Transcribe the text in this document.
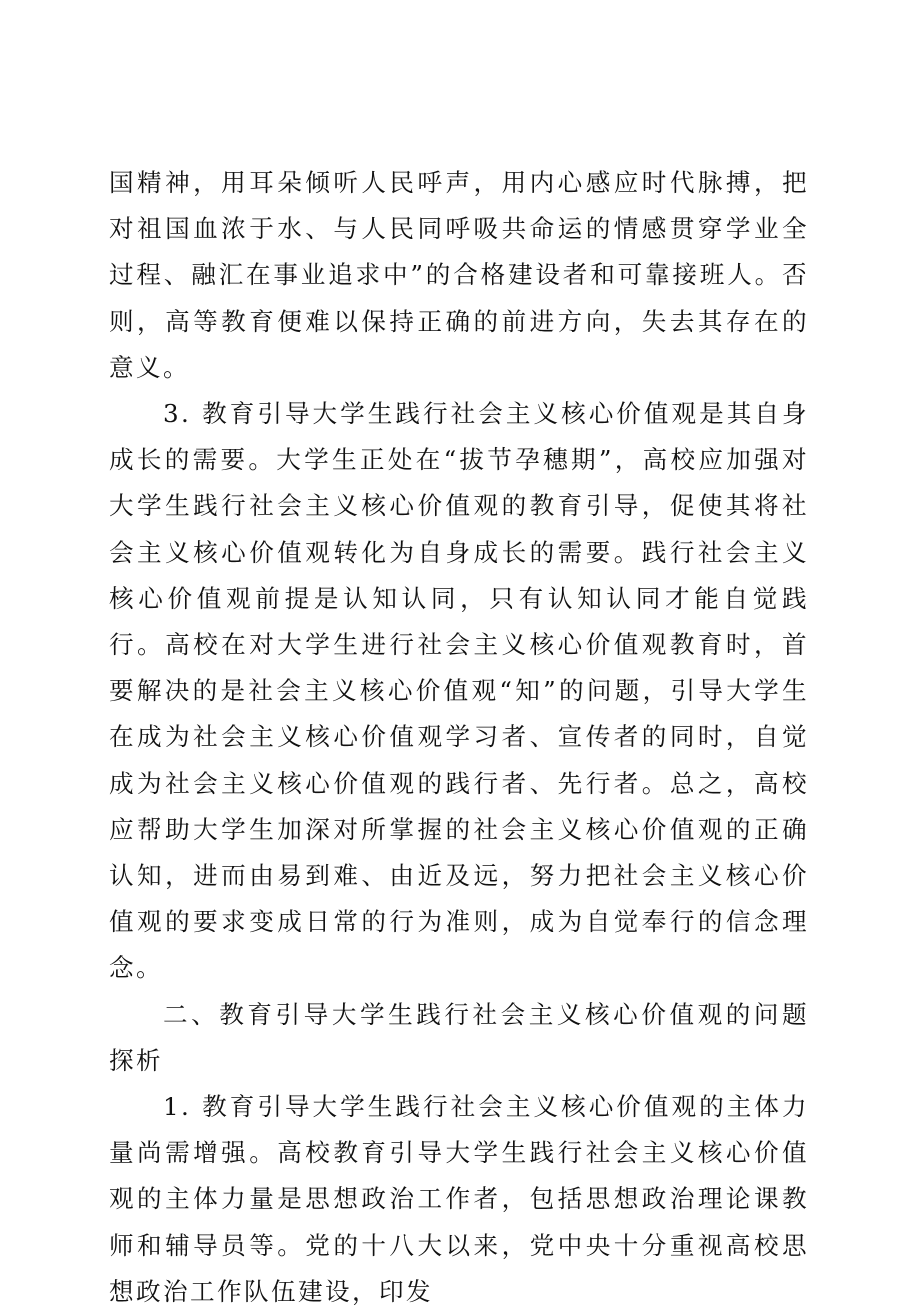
国精神，用耳朵倾听人民呼声，用内心感应时代脉搏，把对祖国血浓于水、与人民同呼吸共命运的情感贯穿学业全过程、融汇在事业追求中”的合格建设者和可靠接班人。否则，高等教育便难以保持正确的前进方向，失去其存在的意义。

3. 教育引导大学生践行社会主义核心价值观是其自身成长的需要。大学生正处在“拔节孕穗期”，高校应加强对大学生践行社会主义核心价值观的教育引导，促使其将社会主义核心价值观转化为自身成长的需要。践行社会主义核心价值观前提是认知认同，只有认知认同才能自觉践行。高校在对大学生进行社会主义核心价值观教育时，首要解决的是社会主义核心价值观“知”的问题，引导大学生在成为社会主义核心价值观学习者、宣传者的同时，自觉成为社会主义核心价值观的践行者、先行者。总之，高校应帮助大学生加深对所掌握的社会主义核心价值观的正确认知，进而由易到难、由近及远，努力把社会主义核心价值观的要求变成日常的行为准则，成为自觉奉行的信念理念。

二、教育引导大学生践行社会主义核心价值观的问题探析

1. 教育引导大学生践行社会主义核心价值观的主体力量尚需增强。高校教育引导大学生践行社会主义核心价值观的主体力量是思想政治工作者，包括思想政治理论课教师和辅导员等。党的十八大以来，党中央十分重视高校思想政治工作队伍建设，印发
